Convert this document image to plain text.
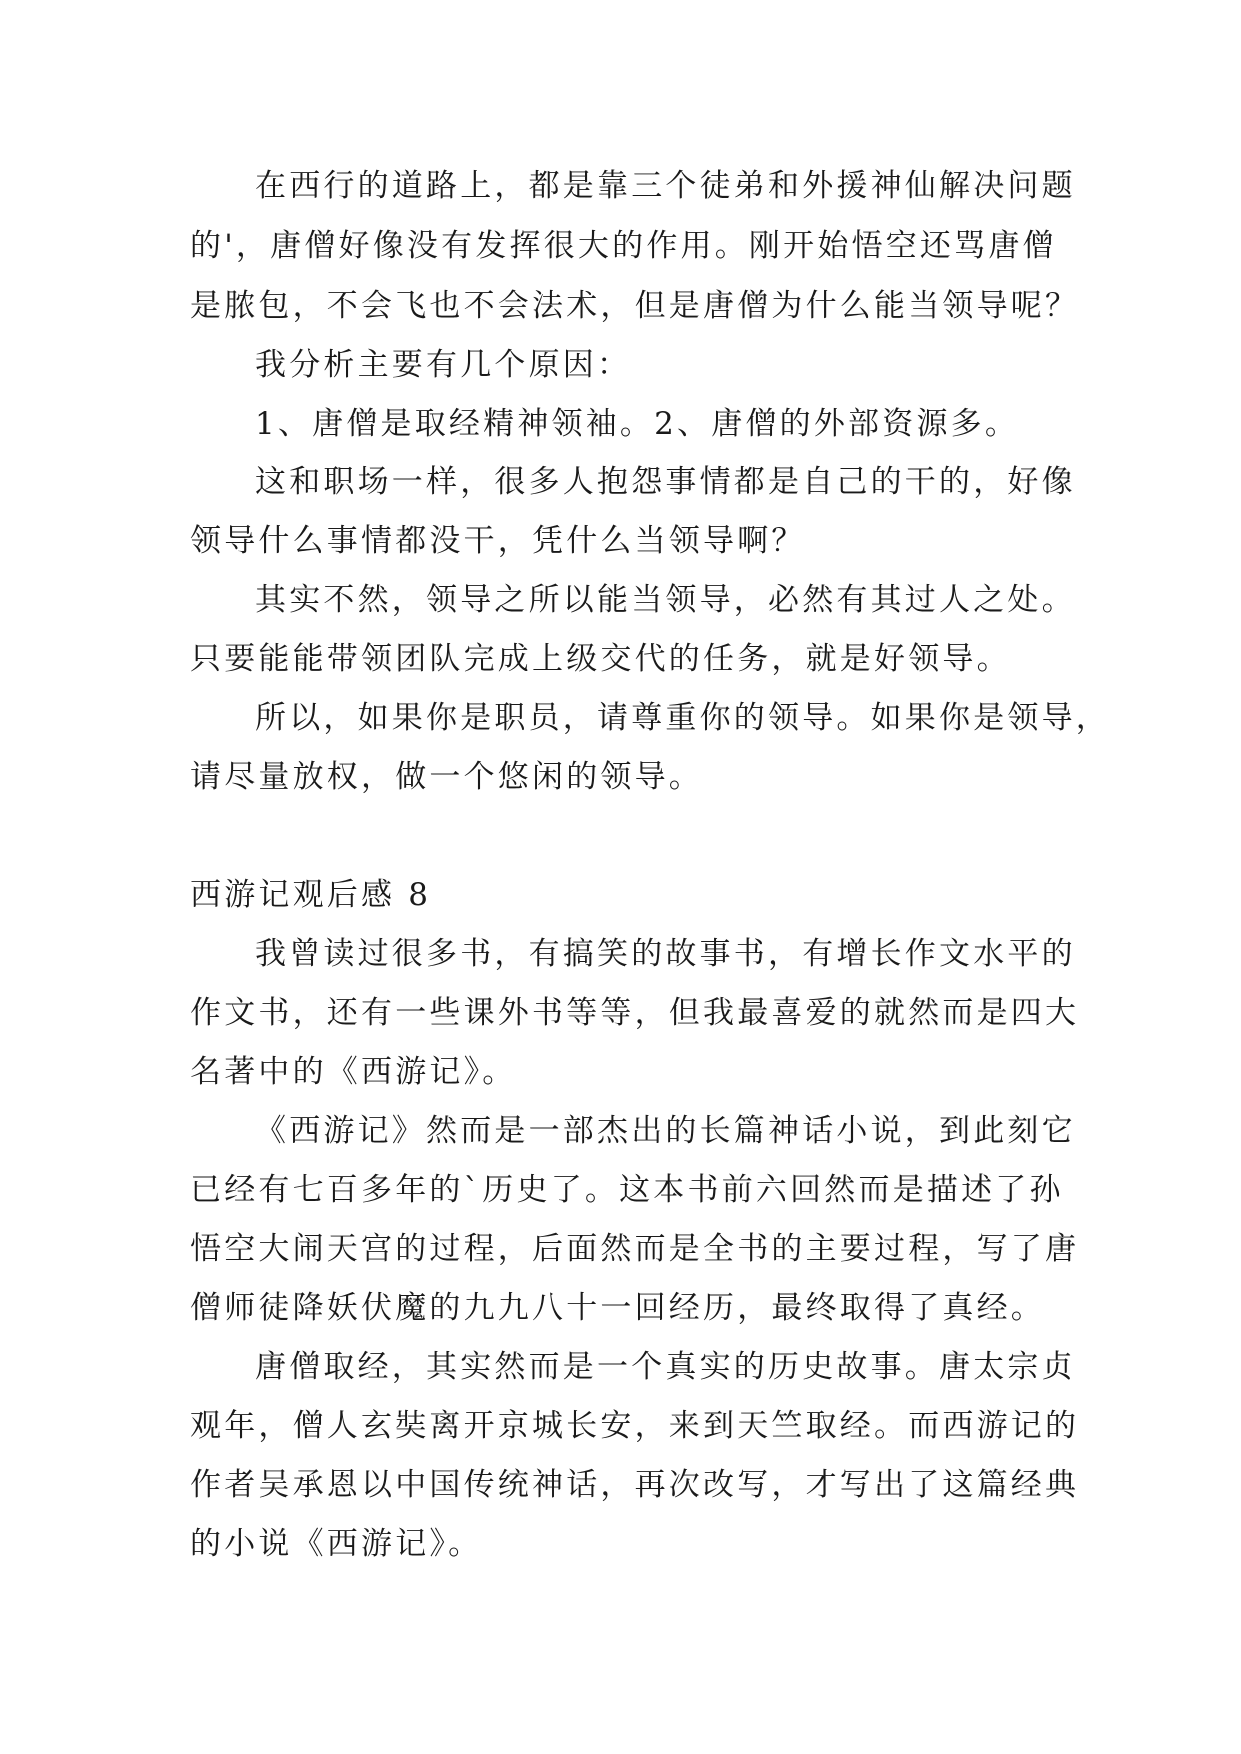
在西行的道路上，都是靠三个徒弟和外援神仙解决问题
的'，唐僧好像没有发挥很大的作用。刚开始悟空还骂唐僧
是脓包，不会飞也不会法术，但是唐僧为什么能当领导呢？
我分析主要有几个原因：
1、唐僧是取经精神领袖。2、唐僧的外部资源多。
这和职场一样，很多人抱怨事情都是自己的干的，好像
领导什么事情都没干，凭什么当领导啊？
其实不然，领导之所以能当领导，必然有其过人之处。
只要能能带领团队完成上级交代的任务，就是好领导。
所以，如果你是职员，请尊重你的领导。如果你是领导，
请尽量放权，做一个悠闲的领导。
西游记观后感 8
我曾读过很多书，有搞笑的故事书，有增长作文水平的
作文书，还有一些课外书等等，但我最喜爱的就然而是四大
名著中的《西游记》。
《西游记》然而是一部杰出的长篇神话小说，到此刻它
已经有七百多年的`历史了。这本书前六回然而是描述了孙
悟空大闹天宫的过程，后面然而是全书的主要过程，写了唐
僧师徒降妖伏魔的九九八十一回经历，最终取得了真经。
唐僧取经，其实然而是一个真实的历史故事。唐太宗贞
观年，僧人玄奘离开京城长安，来到天竺取经。而西游记的
作者吴承恩以中国传统神话，再次改写，才写出了这篇经典
的小说《西游记》。
